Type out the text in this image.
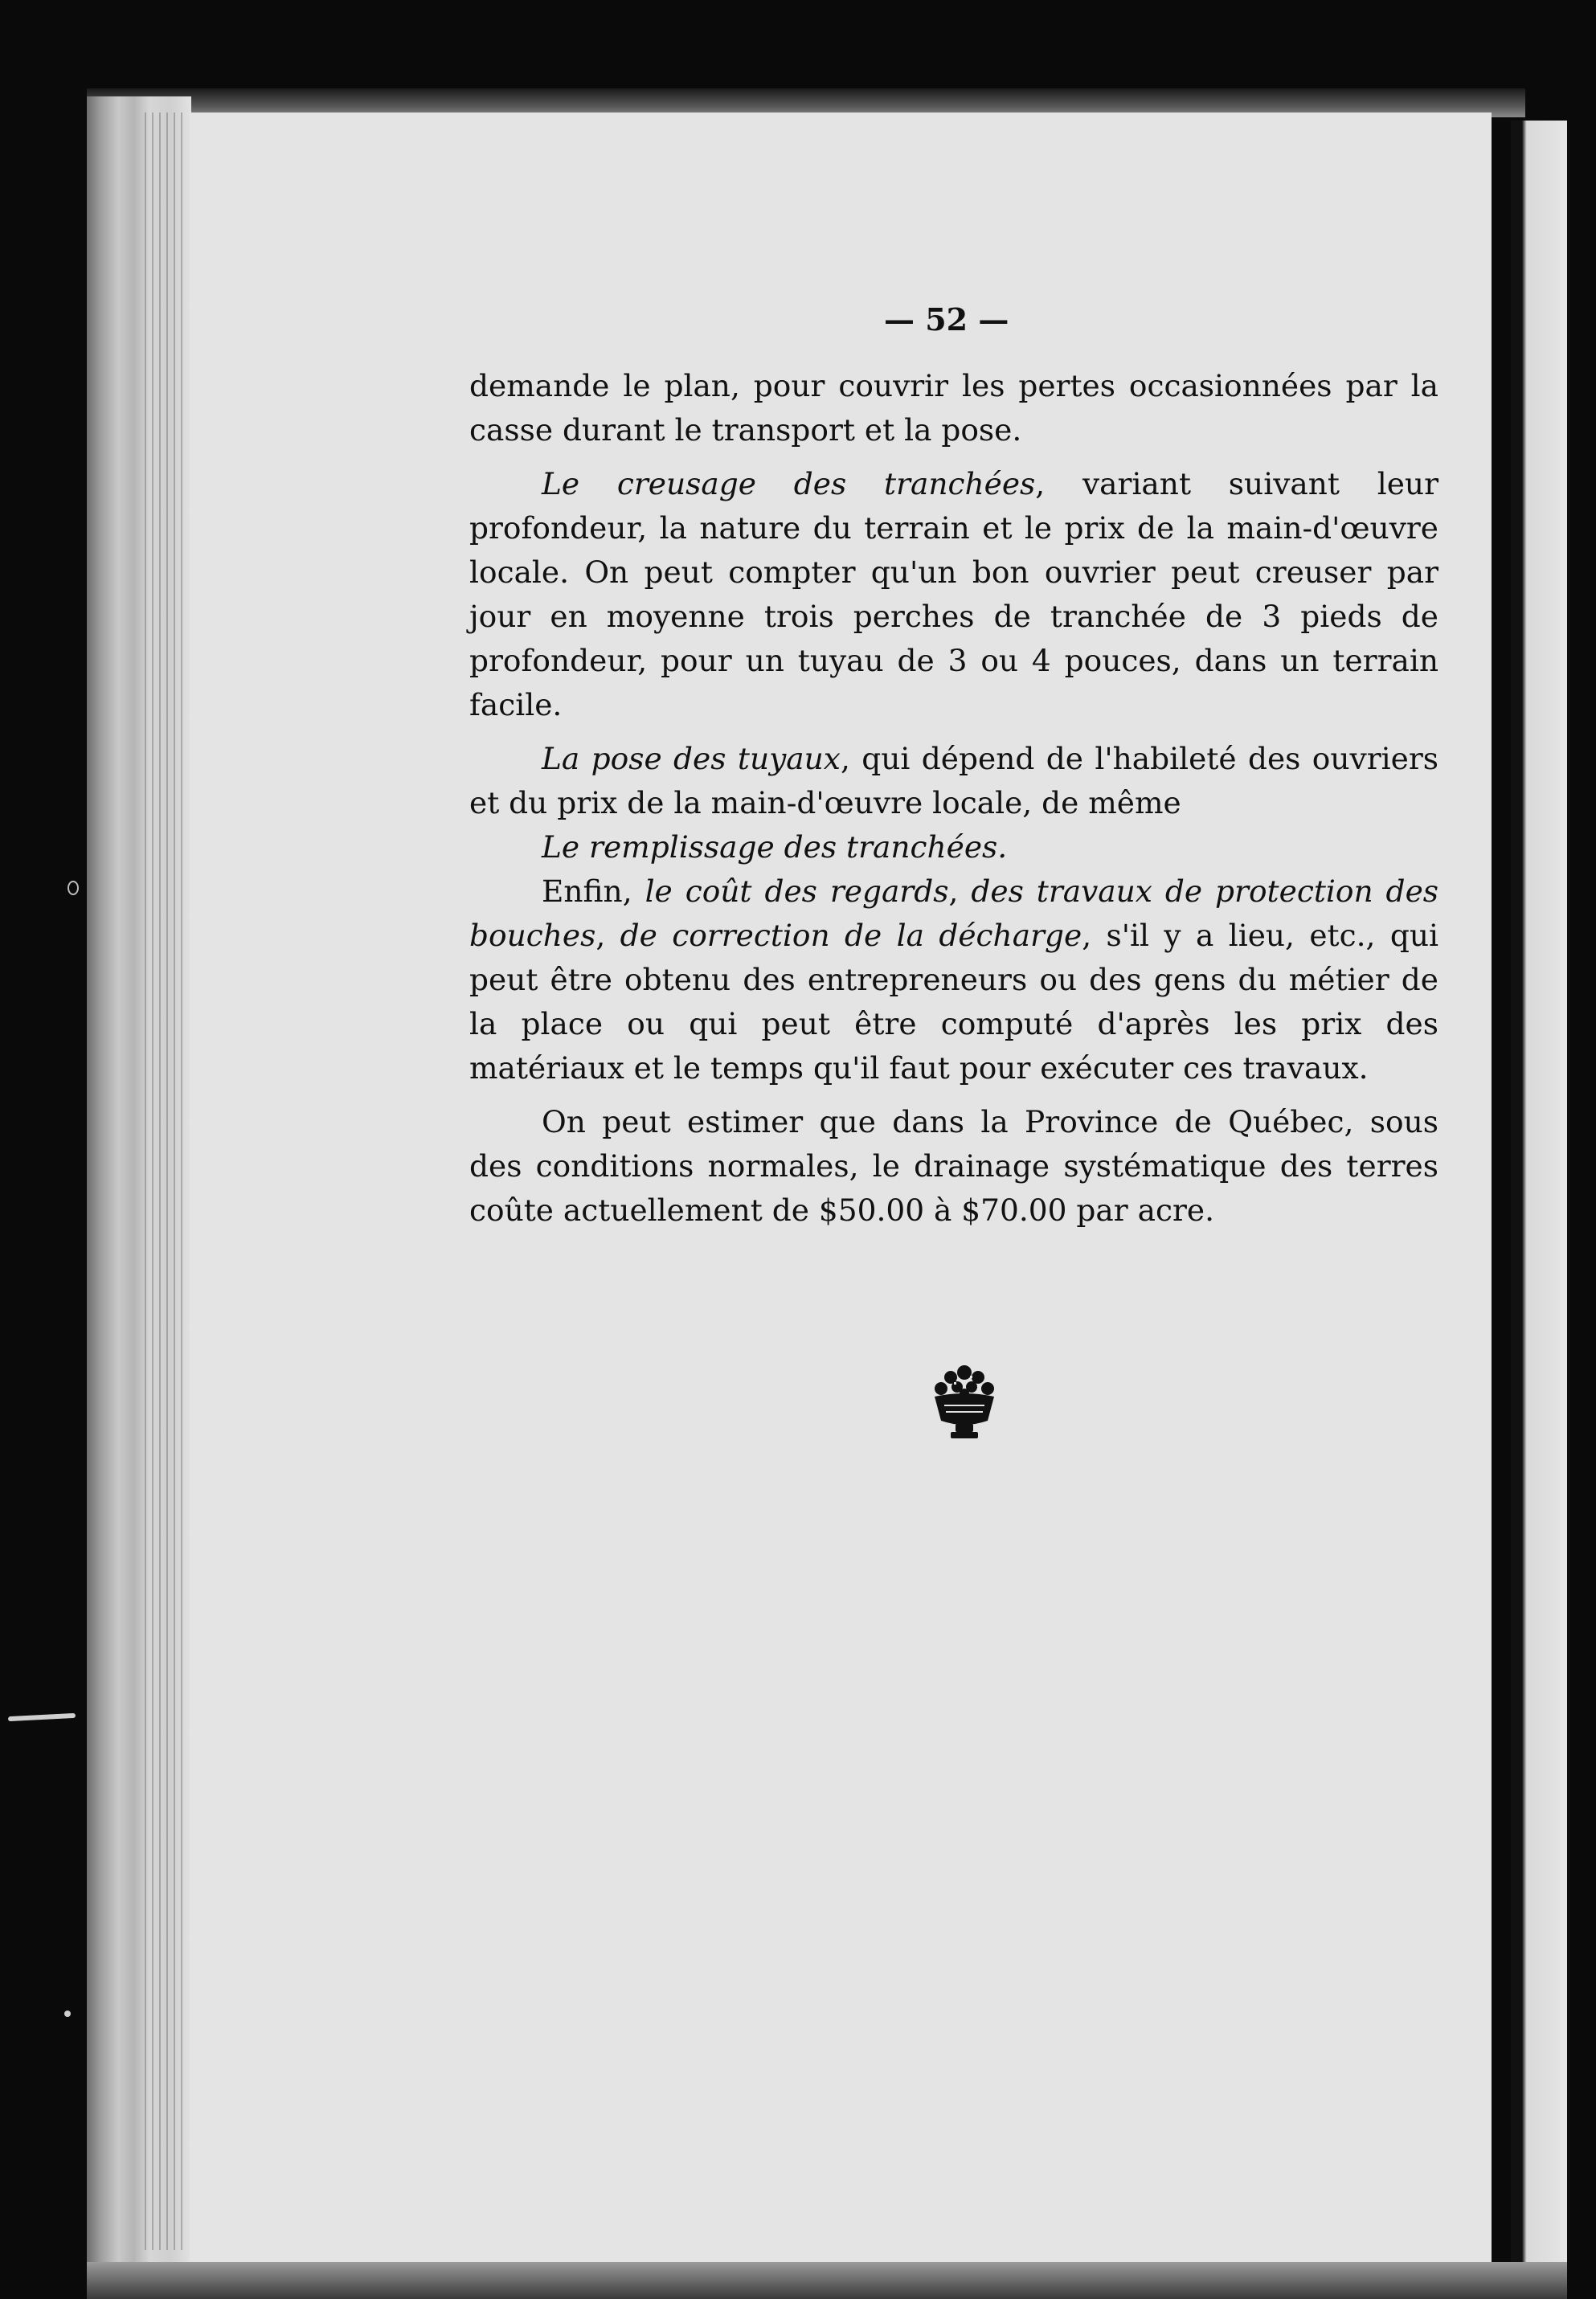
— 52 —

demande le plan, pour couvrir les pertes occasionnées par la casse durant le transport et la pose.

Le creusage des tranchées, variant suivant leur profondeur, la nature du terrain et le prix de la main-d'œuvre locale. On peut compter qu'un bon ouvrier peut creuser par jour en moyenne trois perches de tranchée de 3 pieds de profondeur, pour un tuyau de 3 ou 4 pouces, dans un terrain facile.

La pose des tuyaux, qui dépend de l'habileté des ouvriers et du prix de la main-d'œuvre locale, de même

Le remplissage des tranchées.

Enfin, le coût des regards, des travaux de protection des bouches, de correction de la décharge, s'il y a lieu, etc., qui peut être obtenu des entrepreneurs ou des gens du métier de la place ou qui peut être computé d'après les prix des matériaux et le temps qu'il faut pour exécuter ces travaux.

On peut estimer que dans la Province de Québec, sous des conditions normales, le drainage systématique des terres coûte actuellement de $50.00 à $70.00 par acre.
